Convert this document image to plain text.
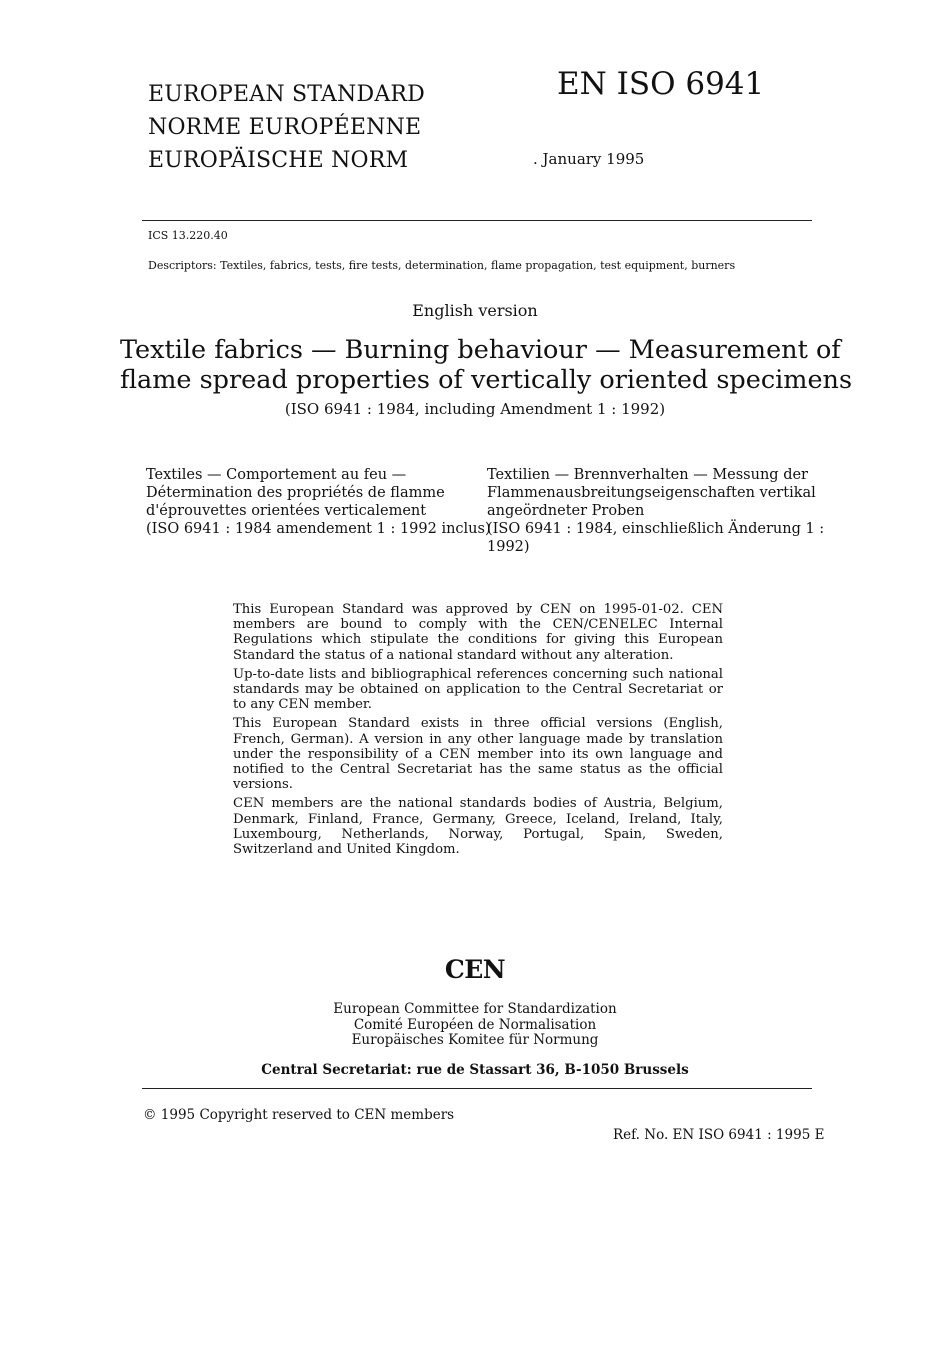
EUROPEAN STANDARD
NORME EUROPÉENNE
EUROPÄISCHE NORM
EN ISO 6941
. January 1995
ICS 13.220.40
Descriptors: Textiles, fabrics, tests, fire tests, determination, flame propagation, test equipment, burners
English version
Textile fabrics — Burning behaviour — Measurement of
flame spread properties of vertically oriented specimens
(ISO 6941 : 1984, including Amendment 1 : 1992)
Textiles — Comportement au feu —
Détermination des propriétés de flamme
d'éprouvettes orientées verticalement
(ISO 6941 : 1984 amendement 1 : 1992 inclus)
Textilien — Brennverhalten — Messung der
Flammenausbreitungseigenschaften vertikal
angeördneter Proben
(ISO 6941 : 1984, einschließlich Änderung 1 :
1992)

This European Standard was approved by CEN on 1995-01-02. CEN members are bound to comply with the CEN/CENELEC Internal Regulations which stipulate the conditions for giving this European Standard the status of a national standard without any alteration.

Up-to-date lists and bibliographical references concerning such national standards may be obtained on application to the Central Secretariat or to any CEN member.

This European Standard exists in three official versions (English, French, German). A version in any other language made by translation under the responsibility of a CEN member into its own language and notified to the Central Secretariat has the same status as the official versions.

CEN members are the national standards bodies of Austria, Belgium, Denmark, Finland, France, Germany, Greece, Iceland, Ireland, Italy, Luxembourg, Netherlands, Norway, Portugal, Spain, Sweden, Switzerland and United Kingdom.

CEN
European Committee for Standardization
Comité Européen de Normalisation
Europäisches Komitee für Normung
Central Secretariat: rue de Stassart 36, B-1050 Brussels
© 1995 Copyright reserved to CEN members
Ref. No. EN ISO 6941 : 1995 E
